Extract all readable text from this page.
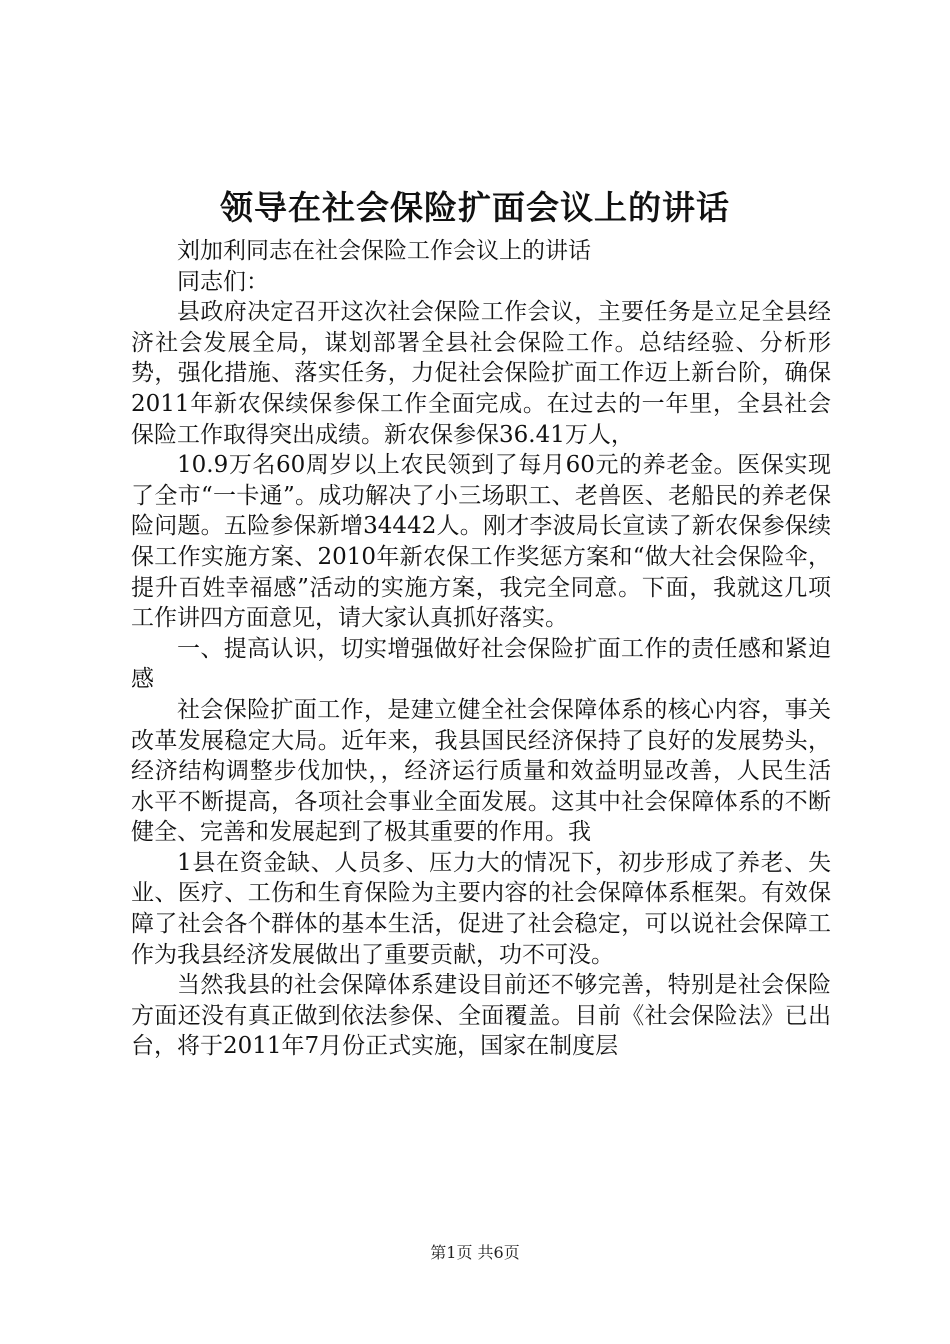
领导在社会保险扩面会议上的讲话

刘加利同志在社会保险工作会议上的讲话

同志们：

县政府决定召开这次社会保险工作会议，主要任务是立足全县经济社会发展全局，谋划部署全县社会保险工作。总结经验、分析形势，强化措施、落实任务，力促社会保险扩面工作迈上新台阶，确保2011年新农保续保参保工作全面完成。在过去的一年里，全县社会保险工作取得突出成绩。新农保参保36.41万人，

10.9万名60周岁以上农民领到了每月60元的养老金。医保实现了全市“一卡通”。成功解决了小三场职工、老兽医、老船民的养老保险问题。五险参保新增34442人。刚才李波局长宣读了新农保参保续保工作实施方案、2010年新农保工作奖惩方案和“做大社会保险伞，提升百姓幸福感”活动的实施方案，我完全同意。下面，我就这几项工作讲四方面意见，请大家认真抓好落实。

一、提高认识，切实增强做好社会保险扩面工作的责任感和紧迫感

社会保险扩面工作，是建立健全社会保障体系的核心内容，事关改革发展稳定大局。近年来，我县国民经济保持了良好的发展势头，经济结构调整步伐加快，，经济运行质量和效益明显改善，人民生活水平不断提高，各项社会事业全面发展。这其中社会保障体系的不断健全、完善和发展起到了极其重要的作用。我

1县在资金缺、人员多、压力大的情况下，初步形成了养老、失业、医疗、工伤和生育保险为主要内容的社会保障体系框架。有效保障了社会各个群体的基本生活，促进了社会稳定，可以说社会保障工作为我县经济发展做出了重要贡献，功不可没。

当然我县的社会保障体系建设目前还不够完善，特别是社会保险方面还没有真正做到依法参保、全面覆盖。目前《社会保险法》已出台，将于2011年7月份正式实施，国家在制度层

第1页 共6页
